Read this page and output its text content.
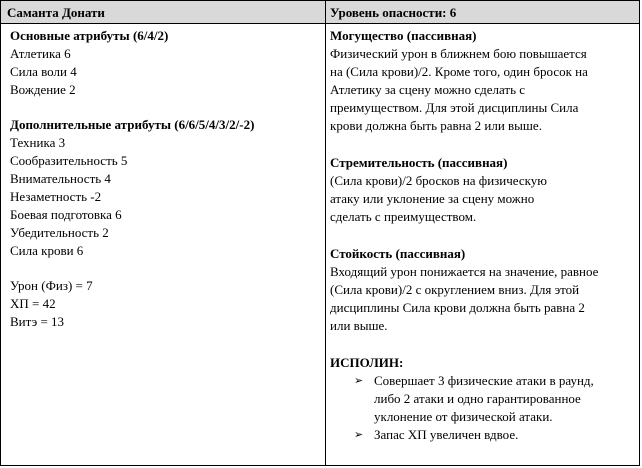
Саманта Донати	Уровень опасности: 6
Основные атрибуты (6/4/2)
Атлетика 6
Сила воли 4
Вождение 2
Дополнительные атрибуты (6/6/5/4/3/2/-2)
Техника 3
Сообразительность 5
Внимательность 4
Незаметность -2
Боевая подготовка 6
Убедительность 2
Сила крови 6
Урон (Физ) = 7
ХП = 42
Витэ = 13
Могущество (пассивная)
Физический урон в ближнем бою повышается
на (Сила крови)/2. Кроме того, один бросок на
Атлетику за сцену можно сделать с
преимуществом. Для этой дисциплины Сила
крови должна быть равна 2 или выше.
Стремительность (пассивная)
(Сила крови)/2 бросков на физическую
атаку или уклонение за сцену можно
сделать с преимуществом.
Стойкость (пассивная)
Входящий урон понижается на значение, равное
(Сила крови)/2 с округлением вниз. Для этой
дисциплины Сила крови должна быть равна 2
или выше.
ИСПОЛИН:
➢ Совершает 3 физические атаки в раунд,
либо 2 атаки и одно гарантированное
уклонение от физической атаки.
➢ Запас ХП увеличен вдвое.
